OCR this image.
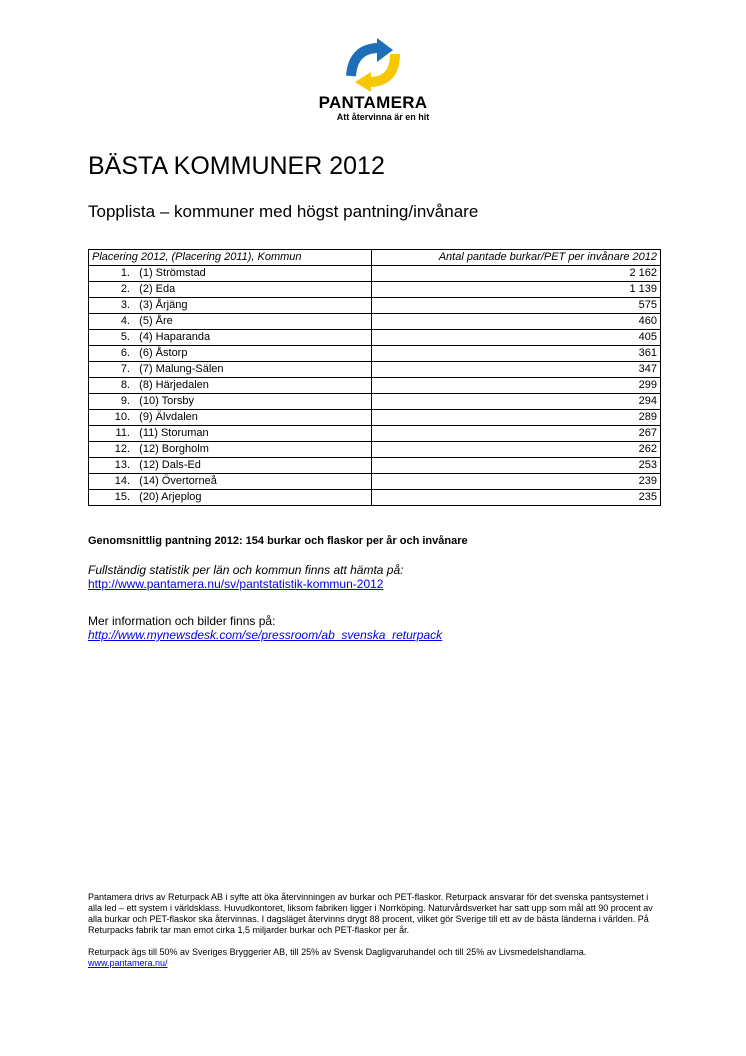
PANTAMERA
Att återvinna är en hit
BÄSTA KOMMUNER 2012
Topplista – kommuner med högst pantning/invånare
Placering 2012, (Placering 2011), Kommun	Antal pantade burkar/PET per invånare 2012
1. (1) Strömstad	2 162
2. (2) Eda	1 139
3. (3) Årjäng	575
4. (5) Åre	460
5. (4) Haparanda	405
6. (6) Åstorp	361
7. (7) Malung-Sälen	347
8. (8) Härjedalen	299
9. (10) Torsby	294
10. (9) Älvdalen	289
11. (11) Storuman	267
12. (12) Borgholm	262
13. (12) Dals-Ed	253
14. (14) Övertorneå	239
15. (20) Arjeplog	235
Genomsnittlig pantning 2012: 154 burkar och flaskor per år och invånare
Fullständig statistik per län och kommun finns att hämta på:
http://www.pantamera.nu/sv/pantstatistik-kommun-2012
Mer information och bilder finns på:
http://www.mynewsdesk.com/se/pressroom/ab_svenska_returpack

Pantamera drivs av Returpack AB i syfte att öka återvinningen av burkar och PET-flaskor. Returpack ansvarar för det svenska pantsystemet i alla led – ett system i världsklass. Huvudkontoret, liksom fabriken ligger i Norrköping. Naturvårdsverket har satt upp som mål att 90 procent av alla burkar och PET-flaskor ska återvinnas. I dagsläget återvinns drygt 88 procent, vilket gör Sverige till ett av de bästa länderna i världen. På Returpacks fabrik tar man emot cirka 1,5 miljarder burkar och PET-flaskor per år.

Returpack ägs till 50% av Sveriges Bryggerier AB, till 25% av Svensk Dagligvaruhandel och till 25% av Livsmedelshandlarna. www.pantamera.nu/
